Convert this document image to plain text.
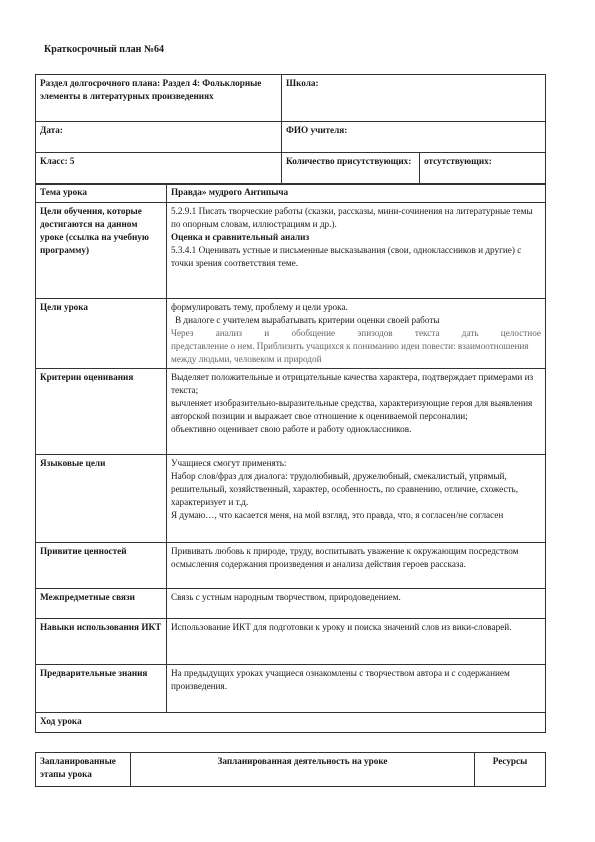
Краткосрочный план №64
Раздел долгосрочного плана: Раздел 4: Фольклорные элементы в литературных произведениях	Школа:	
Дата:	ФИО учителя:	
Класс: 5	Количество присутствующих:	отсутствующих:
Тема урока	Правда» мудрого Антипыча
Цели обучения, которые достигаются на данном уроке (ссылка на учебную программу)	5.2.9.1 Писать творческие работы (сказки, рассказы, мини-сочинения на литературные темы по опорным словам, иллюстрациям и др.).
Оценка и сравнительный анализ
5.3.4.1 Оценивать устные и письменные высказывания (свои, одноклассников и другие) с точки зрения соответствия теме.

Цели урока	формулировать тему, проблему и цели урока.
В диалоге с учителем вырабатывать критерии оценки своей работы
Через анализ и обобщение эпизодов текста дать целостное
представление о нем. Приблизить учащихся к пониманию идеи повести: взаимоотношения между людьми, человеком и природой

Критерии оценивания	Выделяет положительные и отрицательные качества характера, подтверждает примерами из текста;
вычленяет изобразительно-выразительные средства, характеризующие героя для выявления авторской позиции и выражает свое отношение к оцениваемой персоналии;
объективно оценивает свою работе и работу одноклассников.

Языковые цели	Учащиеся смогут применять:
Набор слов/фраз для диалога: трудолюбивый, дружелюбный, смекалистый, упрямый, решительный, хозяйственный, характер, особенность, по сравнению, отличие, схожесть, характеризует и т.д.
Я думаю…, что касается меня, на мой взгляд, это правда, что, я согласен/не согласен

Привитие ценностей	Прививать любовь к природе, труду, воспитывать уважение к окружающим посредством осмысления содержания произведения и анализа действия героев рассказа.
Межпредметные связи	Связь с устным народным творчеством, природоведением.
Навыки использования ИКТ	Использование ИКТ для подготовки к уроку и поиска значений слов из вики-словарей.
Предварительные знания	На предыдущих уроках учащиеся ознакомлены с творчеством автора и с содержанием произведения.
Ход урока	
Запланированные этапы урока	Запланированная деятельность на уроке	Ресурсы
